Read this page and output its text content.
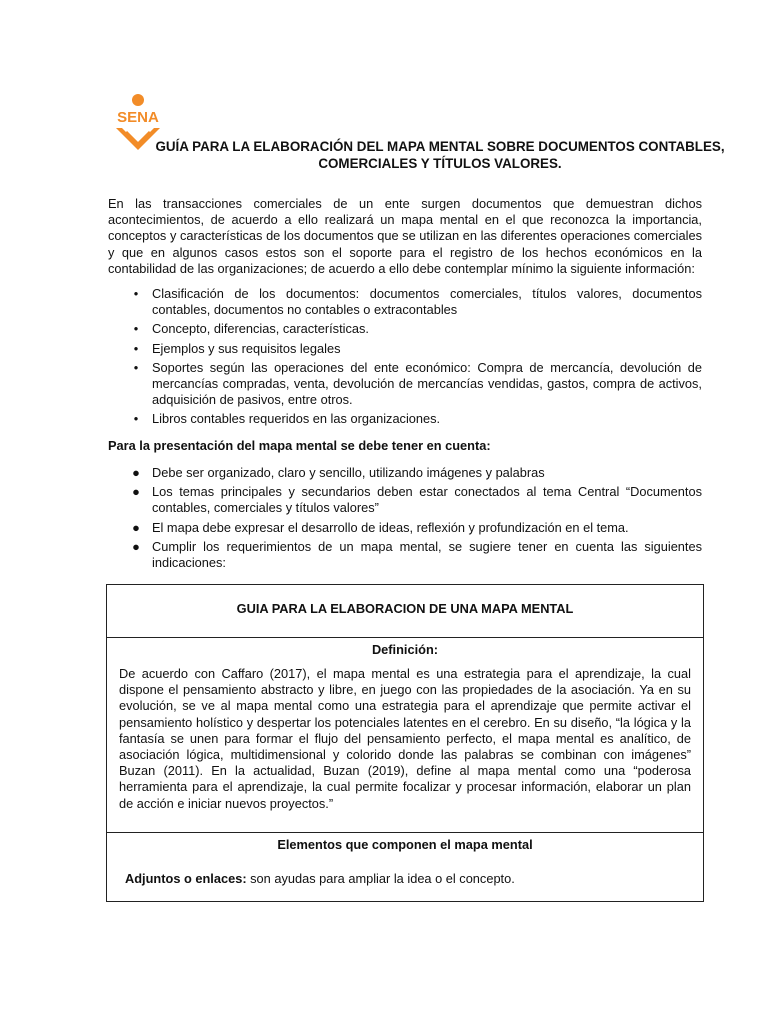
SENA
GUÍA PARA LA ELABORACIÓN DEL MAPA MENTAL SOBRE DOCUMENTOS CONTABLES,
COMERCIALES Y TÍTULOS VALORES.
En las transacciones comerciales de un ente surgen documentos que demuestran dichos acontecimientos, de acuerdo a ello realizará un mapa mental en el que reconozca la importancia, conceptos y características de los documentos que se utilizan en las diferentes operaciones comerciales y que en algunos casos estos son el soporte para el registro de los hechos económicos en la contabilidad de las organizaciones; de acuerdo a ello debe contemplar mínimo la siguiente información:
• Clasificación de los documentos: documentos comerciales, títulos valores, documentos contables, documentos no contables o extracontables
• Concepto, diferencias, características.
• Ejemplos y sus requisitos legales
• Soportes según las operaciones del ente económico: Compra de mercancía, devolución de mercancías compradas, venta, devolución de mercancías vendidas, gastos, compra de activos, adquisición de pasivos, entre otros.
• Libros contables requeridos en las organizaciones.
Para la presentación del mapa mental se debe tener en cuenta:
● Debe ser organizado, claro y sencillo, utilizando imágenes y palabras
● Los temas principales y secundarios deben estar conectados al tema Central “Documentos contables, comerciales y títulos valores”
● El mapa debe expresar el desarrollo de ideas, reflexión y profundización en el tema.
● Cumplir los requerimientos de un mapa mental, se sugiere tener en cuenta las siguientes indicaciones:
GUIA PARA LA ELABORACION DE UNA MAPA MENTAL
Definición:
De acuerdo con Caffaro (2017), el mapa mental es una estrategia para el aprendizaje, la cual dispone el pensamiento abstracto y libre, en juego con las propiedades de la asociación. Ya en su evolución, se ve al mapa mental como una estrategia para el aprendizaje que permite activar el pensamiento holístico y despertar los potenciales latentes en el cerebro. En su diseño, “la lógica y la fantasía se unen para formar el flujo del pensamiento perfecto, el mapa mental es analítico, de asociación lógica, multidimensional y colorido donde las palabras se combinan con imágenes” Buzan (2011). En la actualidad, Buzan (2019), define al mapa mental como una “poderosa herramienta para el aprendizaje, la cual permite focalizar y procesar información, elaborar un plan de acción e iniciar nuevos proyectos.”
Elementos que componen el mapa mental
Adjuntos o enlaces: son ayudas para ampliar la idea o el concepto.
